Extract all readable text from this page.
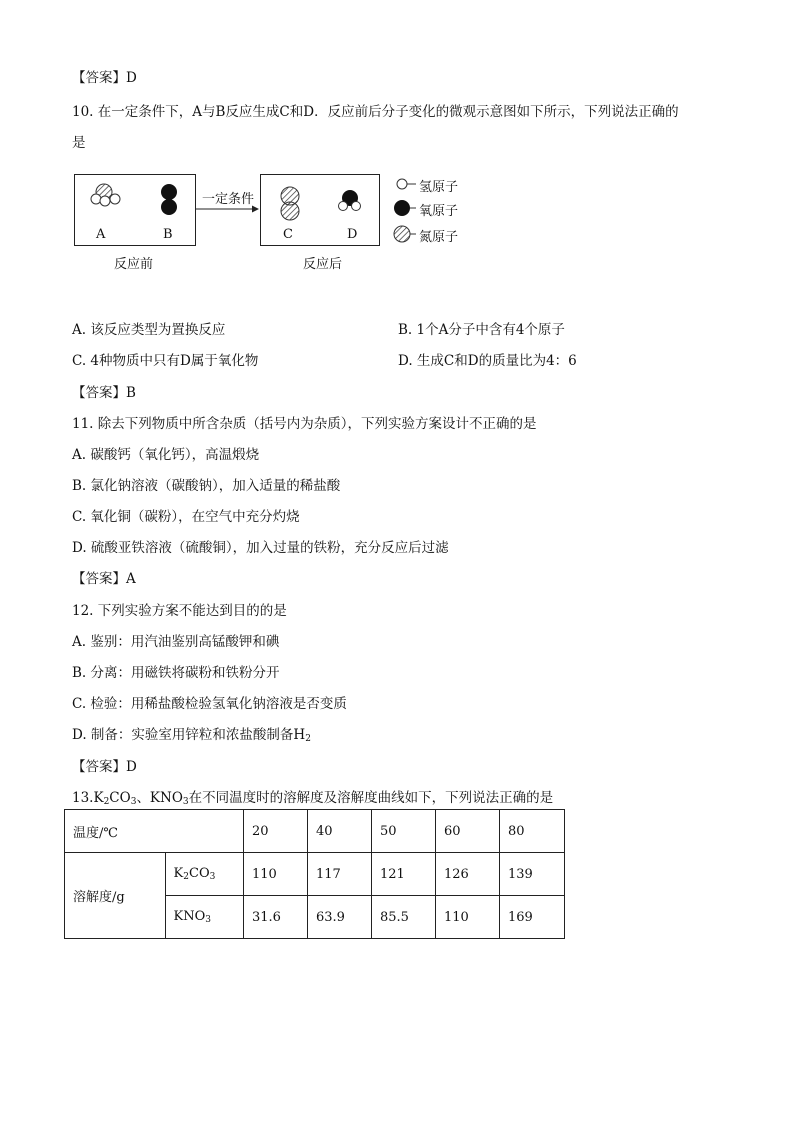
【答案】D
10. 在一定条件下，A与B反应生成C和D．反应前后分子变化的微观示意图如下所示，下列说法正确的
是
一定条件
A	B	C	D
反应前	反应后
氢原子
氧原子
氮原子
A. 该反应类型为置换反应	B. 1个A分子中含有4个原子
C. 4种物质中只有D属于氧化物	D. 生成C和D的质量比为4：6
【答案】B
11. 除去下列物质中所含杂质（括号内为杂质），下列实验方案设计不正确的是
A. 碳酸钙（氧化钙），高温煅烧
B. 氯化钠溶液（碳酸钠），加入适量的稀盐酸
C. 氧化铜（碳粉），在空气中充分灼烧
D. 硫酸亚铁溶液（硫酸铜），加入过量的铁粉，充分反应后过滤
【答案】A
12. 下列实验方案不能达到目的的是
A. 鉴别：用汽油鉴别高锰酸钾和碘
B. 分离：用磁铁将碳粉和铁粉分开
C. 检验：用稀盐酸检验氢氧化钠溶液是否变质
D. 制备：实验室用锌粒和浓盐酸制备$H_2$
【答案】D
$13.K_2CO_3$、$KNO_3$在不同温度时的溶解度及溶解度曲线如下，下列说法正确的是
温度/℃		20	40	50	60	80
溶解度/g	$K_2CO_3$	110	117	121	126	139
	$KNO_3$	31.6	63.9	85.5	110	169
